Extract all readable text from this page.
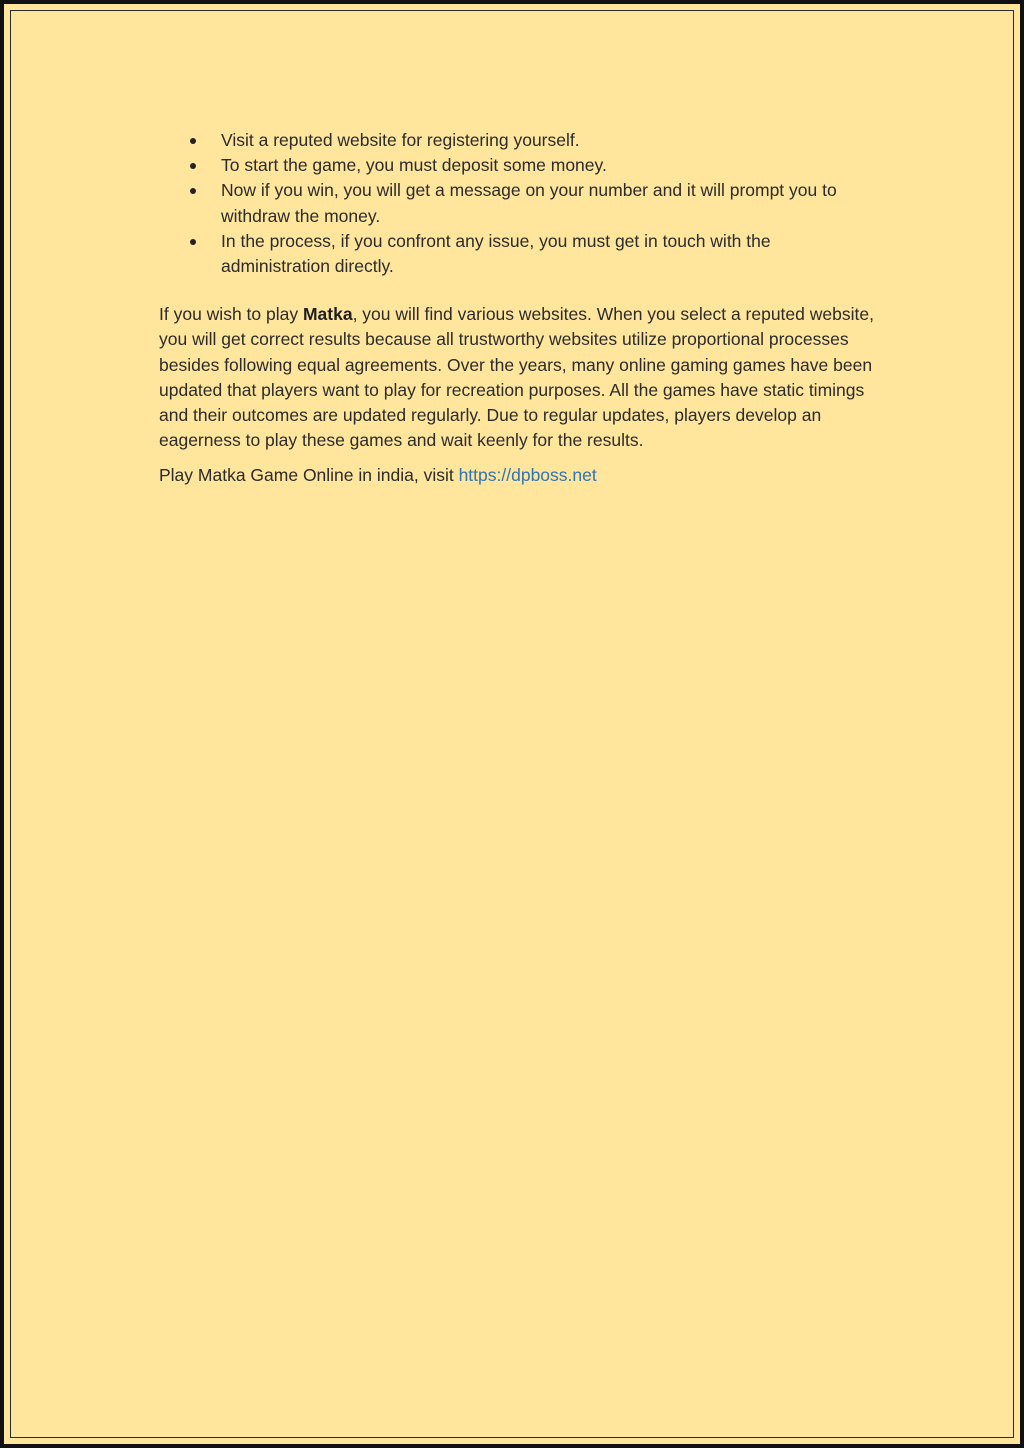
Visit a reputed website for registering yourself.
To start the game, you must deposit some money.
Now if you win, you will get a message on your number and it will prompt you to withdraw the money.
In the process, if you confront any issue, you must get in touch with the administration directly.

If you wish to play Matka, you will find various websites. When you select a reputed website, you will get correct results because all trustworthy websites utilize proportional processes besides following equal agreements. Over the years, many online gaming games have been updated that players want to play for recreation purposes. All the games have static timings and their outcomes are updated regularly. Due to regular updates, players develop an eagerness to play these games and wait keenly for the results.

Play Matka Game Online in india, visit https://dpboss.net
